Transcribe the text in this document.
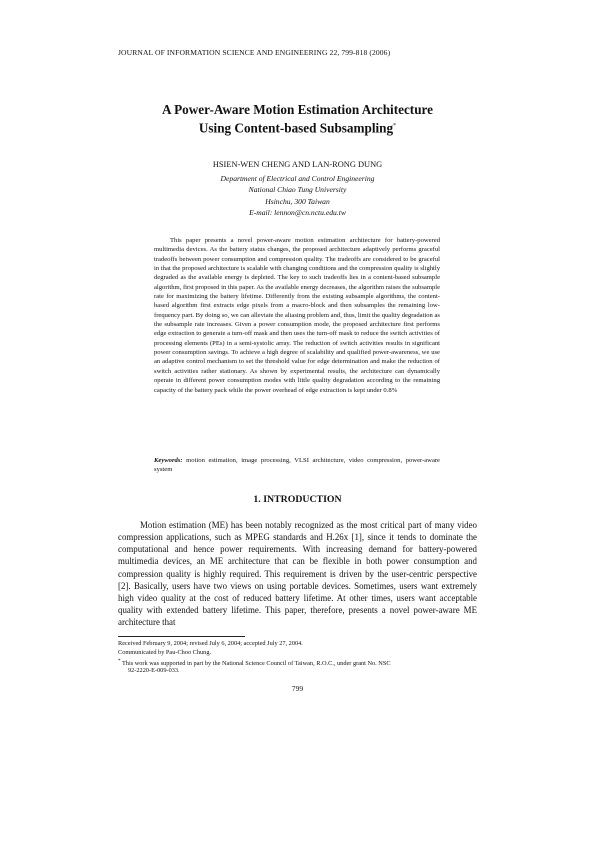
JOURNAL OF INFORMATION SCIENCE AND ENGINEERING 22, 799-818 (2006)
A Power-Aware Motion Estimation Architecture
Using Content-based Subsampling*
HSIEN-WEN CHENG AND LAN-RONG DUNG
Department of Electrical and Control Engineering
National Chiao Tung University
Hsinchu, 300 Taiwan
E-mail: lennon@cn.nctu.edu.tw
This paper presents a novel power-aware motion estimation architecture for battery-powered multimedia devices. As the battery status changes, the proposed architecture adaptively performs graceful tradeoffs between power consumption and compression quality. The tradeoffs are considered to be graceful in that the proposed architecture is scalable with changing conditions and the compression quality is slightly degraded as the available energy is depleted. The key to such tradeoffs lies in a content-based subsample algorithm, first proposed in this paper. As the available energy decreases, the algorithm raises the subsample rate for maximizing the battery lifetime. Differently from the existing subsample algorithms, the content-based algorithm first extracts edge pixels from a macro-block and then subsamples the remaining low-frequency part. By doing so, we can alleviate the aliasing problem and, thus, limit the quality degradation as the subsample rate increases. Given a power consumption mode, the proposed architecture first performs edge extraction to generate a turn-off mask and then uses the turn-off mask to reduce the switch activities of processing elements (PEs) in a semi-systolic array. The reduction of switch activities results in significant power consumption savings. To achieve a high degree of scalability and qualified power-awareness, we use an adaptive control mechanism to set the threshold value for edge determination and make the reduction of switch activities rather stationary. As shown by experimental results, the architecture can dynamically operate in different power consumption modes with little quality degradation according to the remaining capacity of the battery pack while the power overhead of edge extraction is kept under 0.8%
Keywords: motion estimation, image processing, VLSI architecture, video compression, power-aware system
1. INTRODUCTION
Motion estimation (ME) has been notably recognized as the most critical part of many video compression applications, such as MPEG standards and H.26x [1], since it tends to dominate the computational and hence power requirements. With increasing demand for battery-powered multimedia devices, an ME architecture that can be flexible in both power consumption and compression quality is highly required. This requirement is driven by the user-centric perspective [2]. Basically, users have two views on using portable devices. Sometimes, users want extremely high video quality at the cost of reduced battery lifetime. At other times, users want acceptable quality with extended battery lifetime. This paper, therefore, presents a novel power-aware ME architecture that
Received February 9, 2004; revised July 6, 2004; accepted July 27, 2004.
Communicated by Pau-Choo Chung.
* This work was supported in part by the National Science Council of Taiwan, R.O.C., under grant No. NSC
92-2220-E-009-033.
799
